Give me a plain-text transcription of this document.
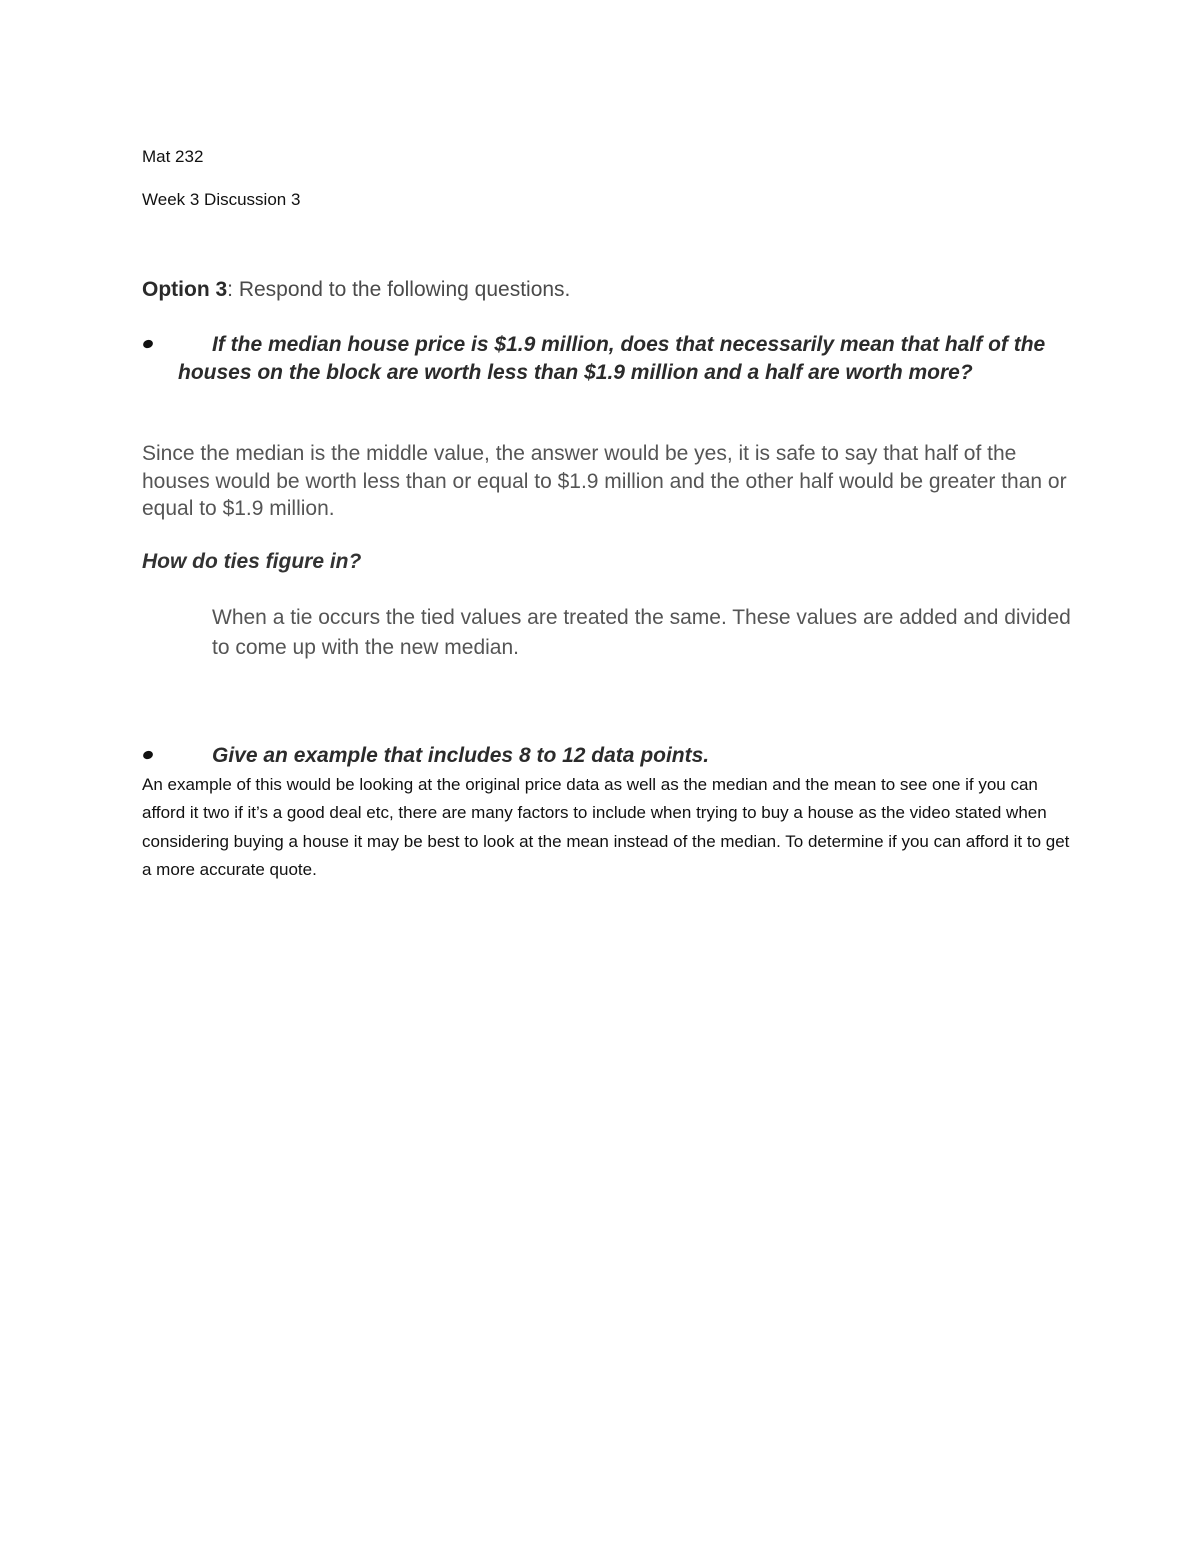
Mat 232

Week 3 Discussion 3

Option 3: Respond to the following questions.

If the median house price is $1.9 million, does that necessarily mean that half of the houses on the block are worth less than $1.9 million and a half are worth more?

Since the median is the middle value, the answer would be yes, it is safe to say that half of the houses would be worth less than or equal to $1.9 million and the other half would be greater than or equal to $1.9 million.

How do ties figure in?

When a tie occurs the tied values are treated the same. These values are added and divided to come up with the new median.

Give an example that includes 8 to 12 data points.

An example of this would be looking at the original price data as well as the median and the mean to see one if you can afford it two if it’s a good deal etc, there are many factors to include when trying to buy a house as the video stated when considering buying a house it may be best to look at the mean instead of the median. To determine if you can afford it to get a more accurate quote.
